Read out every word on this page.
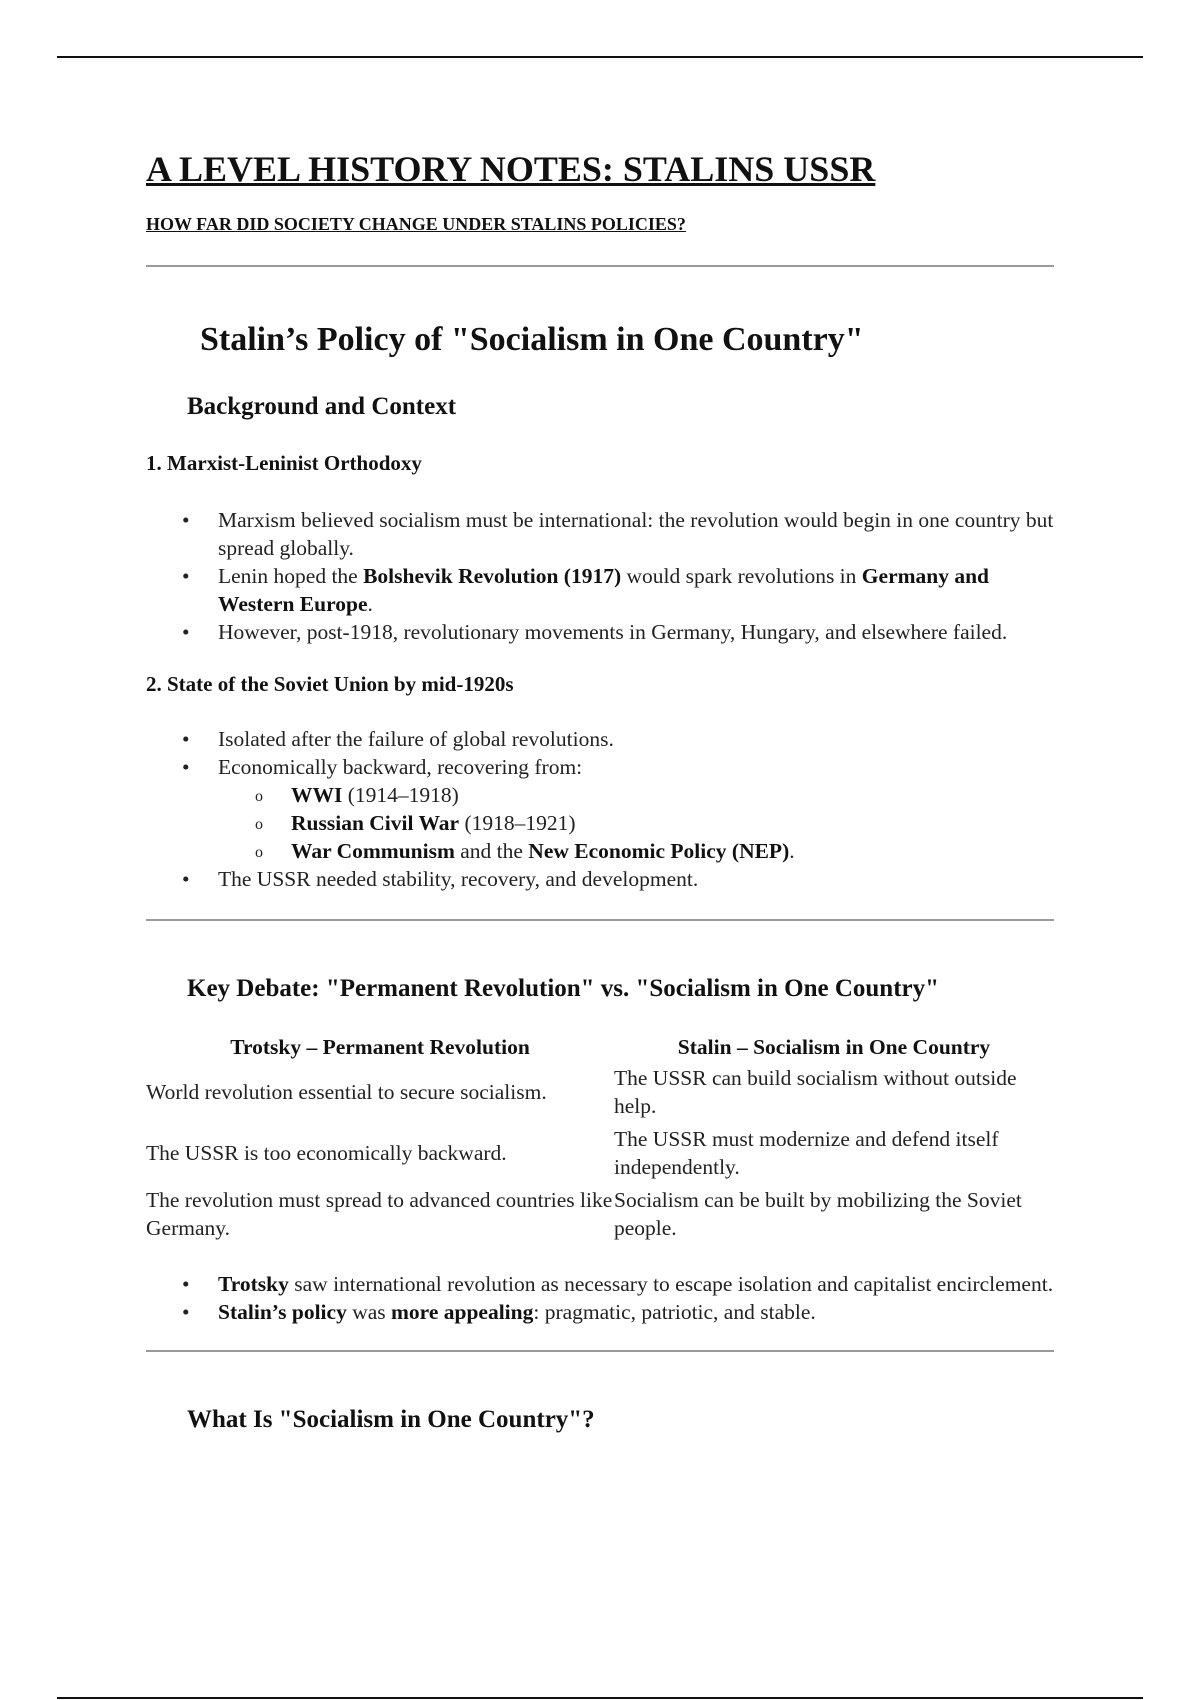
A LEVEL HISTORY NOTES: STALINS USSR

HOW FAR DID SOCIETY CHANGE UNDER STALINS POLICIES?

Stalin’s Policy of "Socialism in One Country"
Background and Context
1. Marxist-Leninist Orthodoxy
• Marxism believed socialism must be international: the revolution would begin in one country but spread globally.
• Lenin hoped the Bolshevik Revolution (1917) would spark revolutions in Germany and Western Europe.
• However, post-1918, revolutionary movements in Germany, Hungary, and elsewhere failed.
2. State of the Soviet Union by mid-1920s
• Isolated after the failure of global revolutions.
• Economically backward, recovering from:
o WWI (1914–1918)
o Russian Civil War (1918–1921)
o War Communism and the New Economic Policy (NEP).
• The USSR needed stability, recovery, and development.
Key Debate: "Permanent Revolution" vs. "Socialism in One Country"
Trotsky – Permanent Revolution	Stalin – Socialism in One Country
World revolution essential to secure socialism.	The USSR can build socialism without outside help.
The USSR is too economically backward.	The USSR must modernize and defend itself independently.
The revolution must spread to advanced countries like Germany.	Socialism can be built by mobilizing the Soviet people.
• Trotsky saw international revolution as necessary to escape isolation and capitalist encirclement.
• Stalin’s policy was more appealing: pragmatic, patriotic, and stable.
What Is "Socialism in One Country"?
